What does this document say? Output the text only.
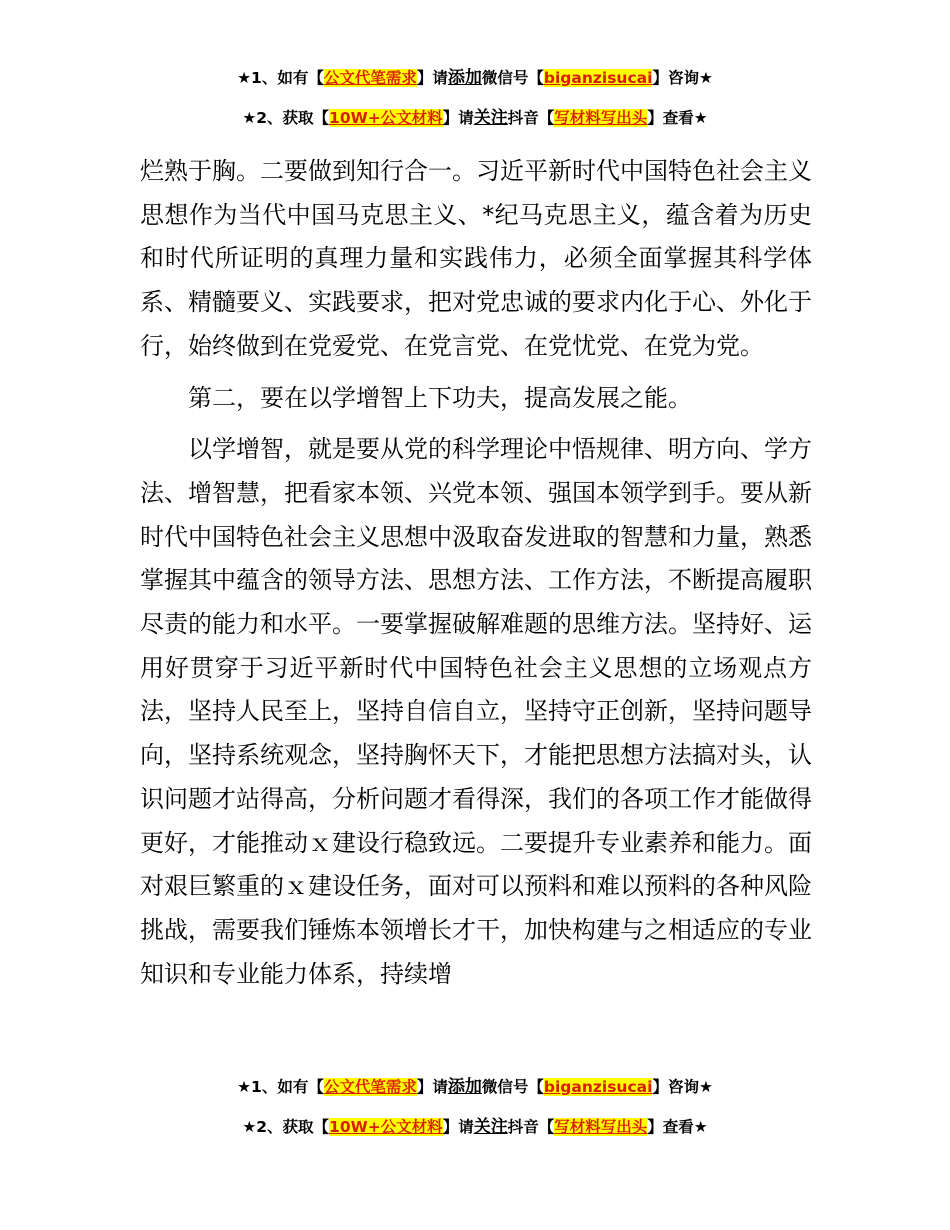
★1、如有【公文代笔需求】请添加微信号【biganzisucai】咨询★
★2、获取【10W+公文材料】请关注抖音【写材料写出头】查看★

烂熟于胸。二要做到知行合一。习近平新时代中国特色社会主义思想作为当代中国马克思主义、*纪马克思主义，蕴含着为历史和时代所证明的真理力量和实践伟力，必须全面掌握其科学体系、精髓要义、实践要求，把对党忠诚的要求内化于心、外化于行，始终做到在党爱党、在党言党、在党忧党、在党为党。

第二，要在以学增智上下功夫，提高发展之能。

以学增智，就是要从党的科学理论中悟规律、明方向、学方法、增智慧，把看家本领、兴党本领、强国本领学到手。要从新时代中国特色社会主义思想中汲取奋发进取的智慧和力量，熟悉掌握其中蕴含的领导方法、思想方法、工作方法，不断提高履职尽责的能力和水平。一要掌握破解难题的思维方法。坚持好、运用好贯穿于习近平新时代中国特色社会主义思想的立场观点方法，坚持人民至上，坚持自信自立，坚持守正创新，坚持问题导向，坚持系统观念，坚持胸怀天下，才能把思想方法搞对头，认识问题才站得高，分析问题才看得深，我们的各项工作才能做得更好，才能推动ｘ建设行稳致远。二要提升专业素养和能力。面对艰巨繁重的ｘ建设任务，面对可以预料和难以预料的各种风险挑战，需要我们锤炼本领增长才干，加快构建与之相适应的专业知识和专业能力体系，持续增

★1、如有【公文代笔需求】请添加微信号【biganzisucai】咨询★
★2、获取【10W+公文材料】请关注抖音【写材料写出头】查看★
